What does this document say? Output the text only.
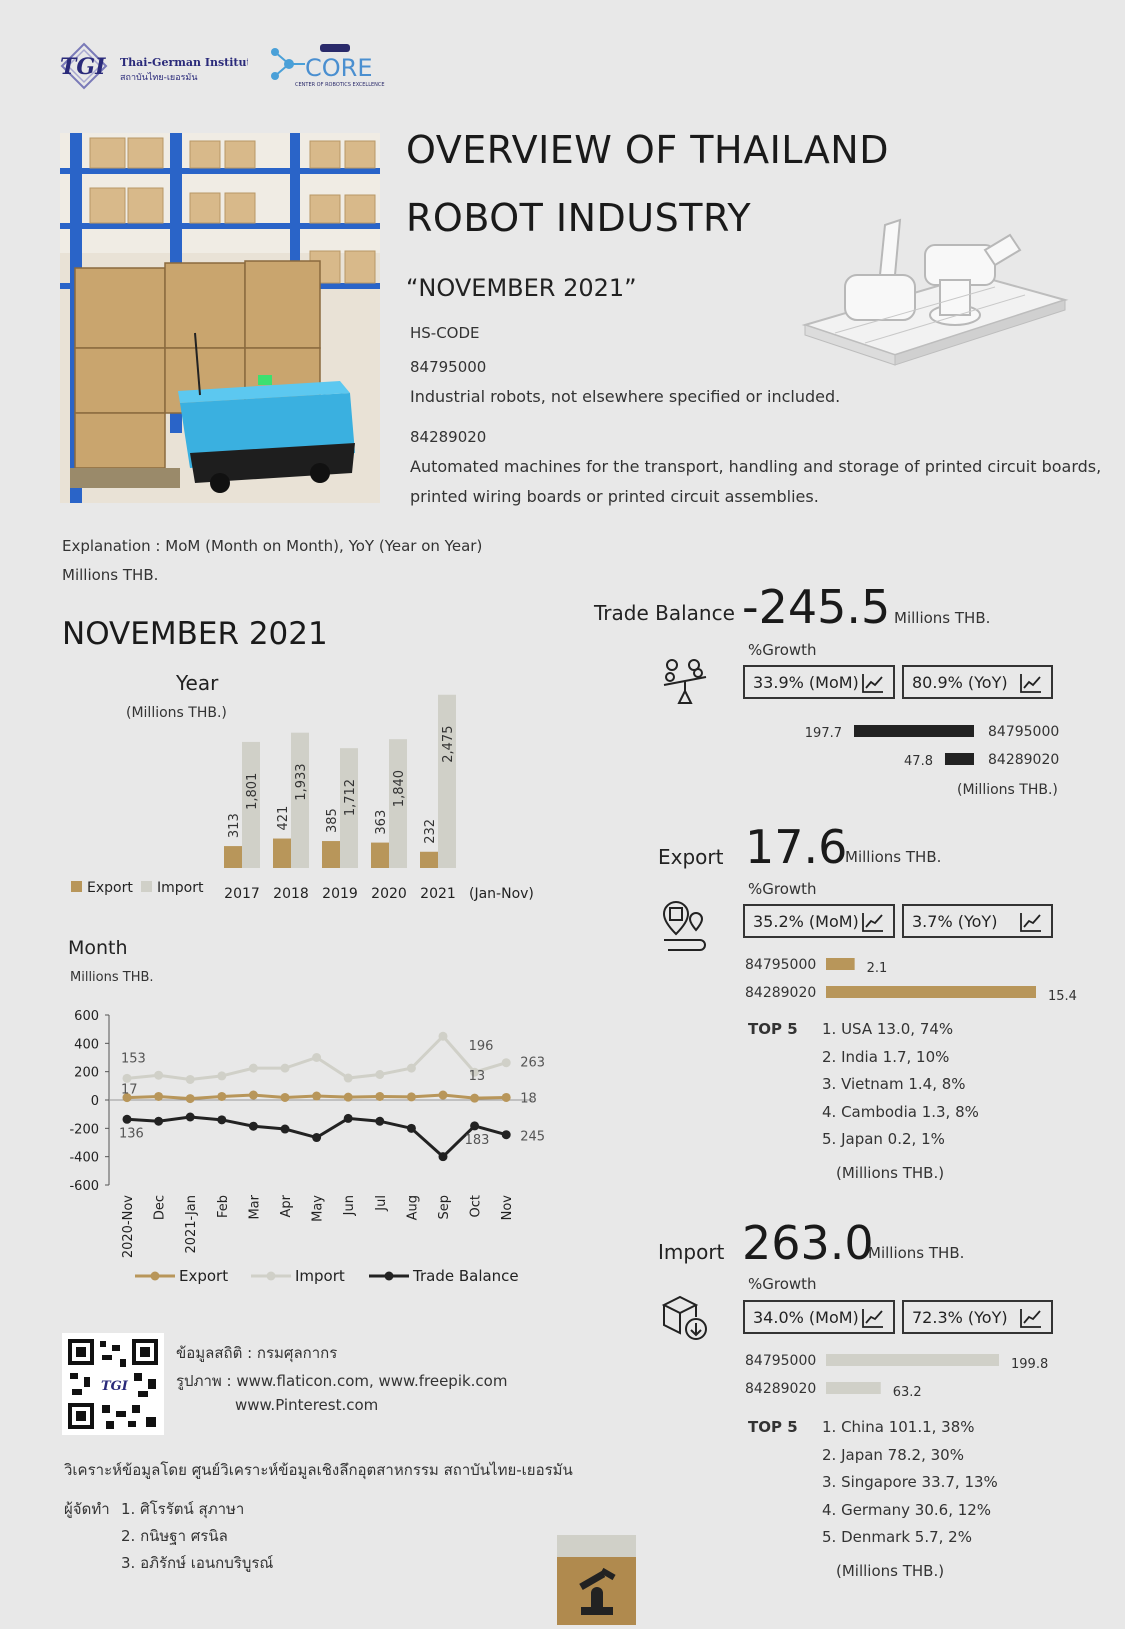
TGI Thai-German Institute
สถาบันไทย-เยอรมัน	CORE
CENTER OF ROBOTICS EXCELLENCE
OVERVIEW OF THAILAND
ROBOT INDUSTRY
“NOVEMBER 2021”
HS-CODE
84795000
Industrial robots, not elsewhere specified or included.
84289020
Automated machines for the transport, handling and storage of printed circuit boards,
printed wiring boards or printed circuit assemblies.
Explanation : MoM (Month on Month), YoY (Year on Year)
Millions THB.
NOVEMBER 2021
Year
(Millions THB.)
313
1,801
2017
421
1,933
2018
385
1,712
2019
363
1,840
2020
232
2,475
2021 (Jan-Nov)
Export Import
Month
Millions THB.
600
400
200
0
-200
-400
-600
2020-Nov Dec 2021-Jan Feb Mar Apr May Jun Jul Aug Sep Oct Nov
153
196
263
17
13
18
136	183 245
Export	Import	Trade Balance
Trade Balance -245.5 Millions THB.
%Growth
33.9% (MoM)	80.9% (YoY)
197.7	84795000
47.8	84289020
(Millions THB.)
Export 17.6
Millions THB.
%Growth
35.2% (MoM)	3.7% (YoY)
84795000	2.1
84289020	15.4
TOP 5 1. USA 13.0, 74%
2. India 1.7, 10%
3. Vietnam 1.4, 8%
4. Cambodia 1.3, 8%
5. Japan 0.2, 1%
(Millions THB.)
Import 263.0
Millions THB.
%Growth
34.0% (MoM)	72.3% (YoY)
84795000	199.8
84289020	63.2
TOP 5 1. China 101.1, 38%
2. Japan 78.2, 30%
3. Singapore 33.7, 13%
4. Germany 30.6, 12%
5. Denmark 5.7, 2%
(Millions THB.)
TGI
ข้อมูลสถิติ : กรมศุลกากร
รูปภาพ : www.flaticon.com, www.freepik.com
www.Pinterest.com
วิเคราะห์ข้อมูลโดย ศูนย์วิเคราะห์ข้อมูลเชิงลึกอุตสาหกรรม สถาบันไทย-เยอรมัน
ผู้จัดทำ 1. ศิโรรัตน์ สุภาษา
2. กนิษฐา ศรนิล
3. อภิรักษ์ เอนกบริบูรณ์
